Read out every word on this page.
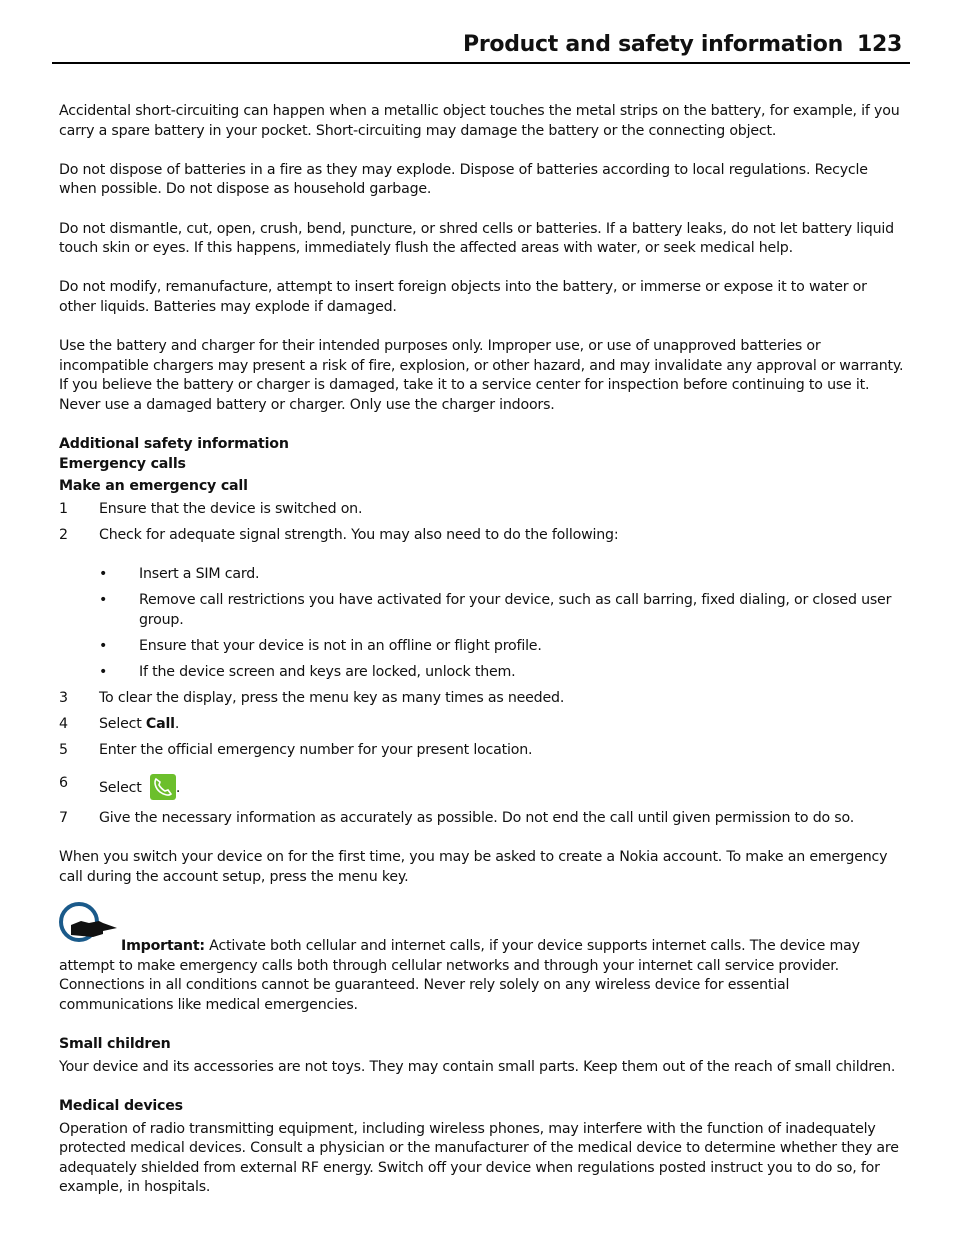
Product and safety information 123

Accidental short-circuiting can happen when a metallic object touches the metal strips on the battery, for example, if you carry a spare battery in your pocket. Short-circuiting may damage the battery or the connecting object.

Do not dispose of batteries in a fire as they may explode. Dispose of batteries according to local regulations. Recycle when possible. Do not dispose as household garbage.

Do not dismantle, cut, open, crush, bend, puncture, or shred cells or batteries. If a battery leaks, do not let battery liquid touch skin or eyes. If this happens, immediately flush the affected areas with water, or seek medical help.

Do not modify, remanufacture, attempt to insert foreign objects into the battery, or immerse or expose it to water or other liquids. Batteries may explode if damaged.

Use the battery and charger for their intended purposes only. Improper use, or use of unapproved batteries or incompatible chargers may present a risk of fire, explosion, or other hazard, and may invalidate any approval or warranty. If you believe the battery or charger is damaged, take it to a service center for inspection before continuing to use it. Never use a damaged battery or charger. Only use the charger indoors.

Additional safety information
Emergency calls
Make an emergency call
1	Ensure that the device is switched on.
2	Check for adequate signal strength. You may also need to do the following:
•	Insert a SIM card.
•	Remove call restrictions you have activated for your device, such as call barring, fixed dialing, or closed user group.
•	Ensure that your device is not in an offline or flight profile.
•	If the device screen and keys are locked, unlock them.
3	To clear the display, press the menu key as many times as needed.
4	Select Call.
5	Enter the official emergency number for your present location.
6	Select
.
7	Give the necessary information as accurately as possible. Do not end the call until given permission to do so.

When you switch your device on for the first time, you may be asked to create a Nokia account. To make an emergency call during the account setup, press the menu key.

Important: Activate both cellular and internet calls, if your device supports internet calls. The device may attempt to make emergency calls both through cellular networks and through your internet call service provider. Connections in all conditions cannot be guaranteed. Never rely solely on any wireless device for essential communications like medical emergencies.
Small children

Your device and its accessories are not toys. They may contain small parts. Keep them out of the reach of small children.

Medical devices

Operation of radio transmitting equipment, including wireless phones, may interfere with the function of inadequately protected medical devices. Consult a physician or the manufacturer of the medical device to determine whether they are adequately shielded from external RF energy. Switch off your device when regulations posted instruct you to do so, for example, in hospitals.
